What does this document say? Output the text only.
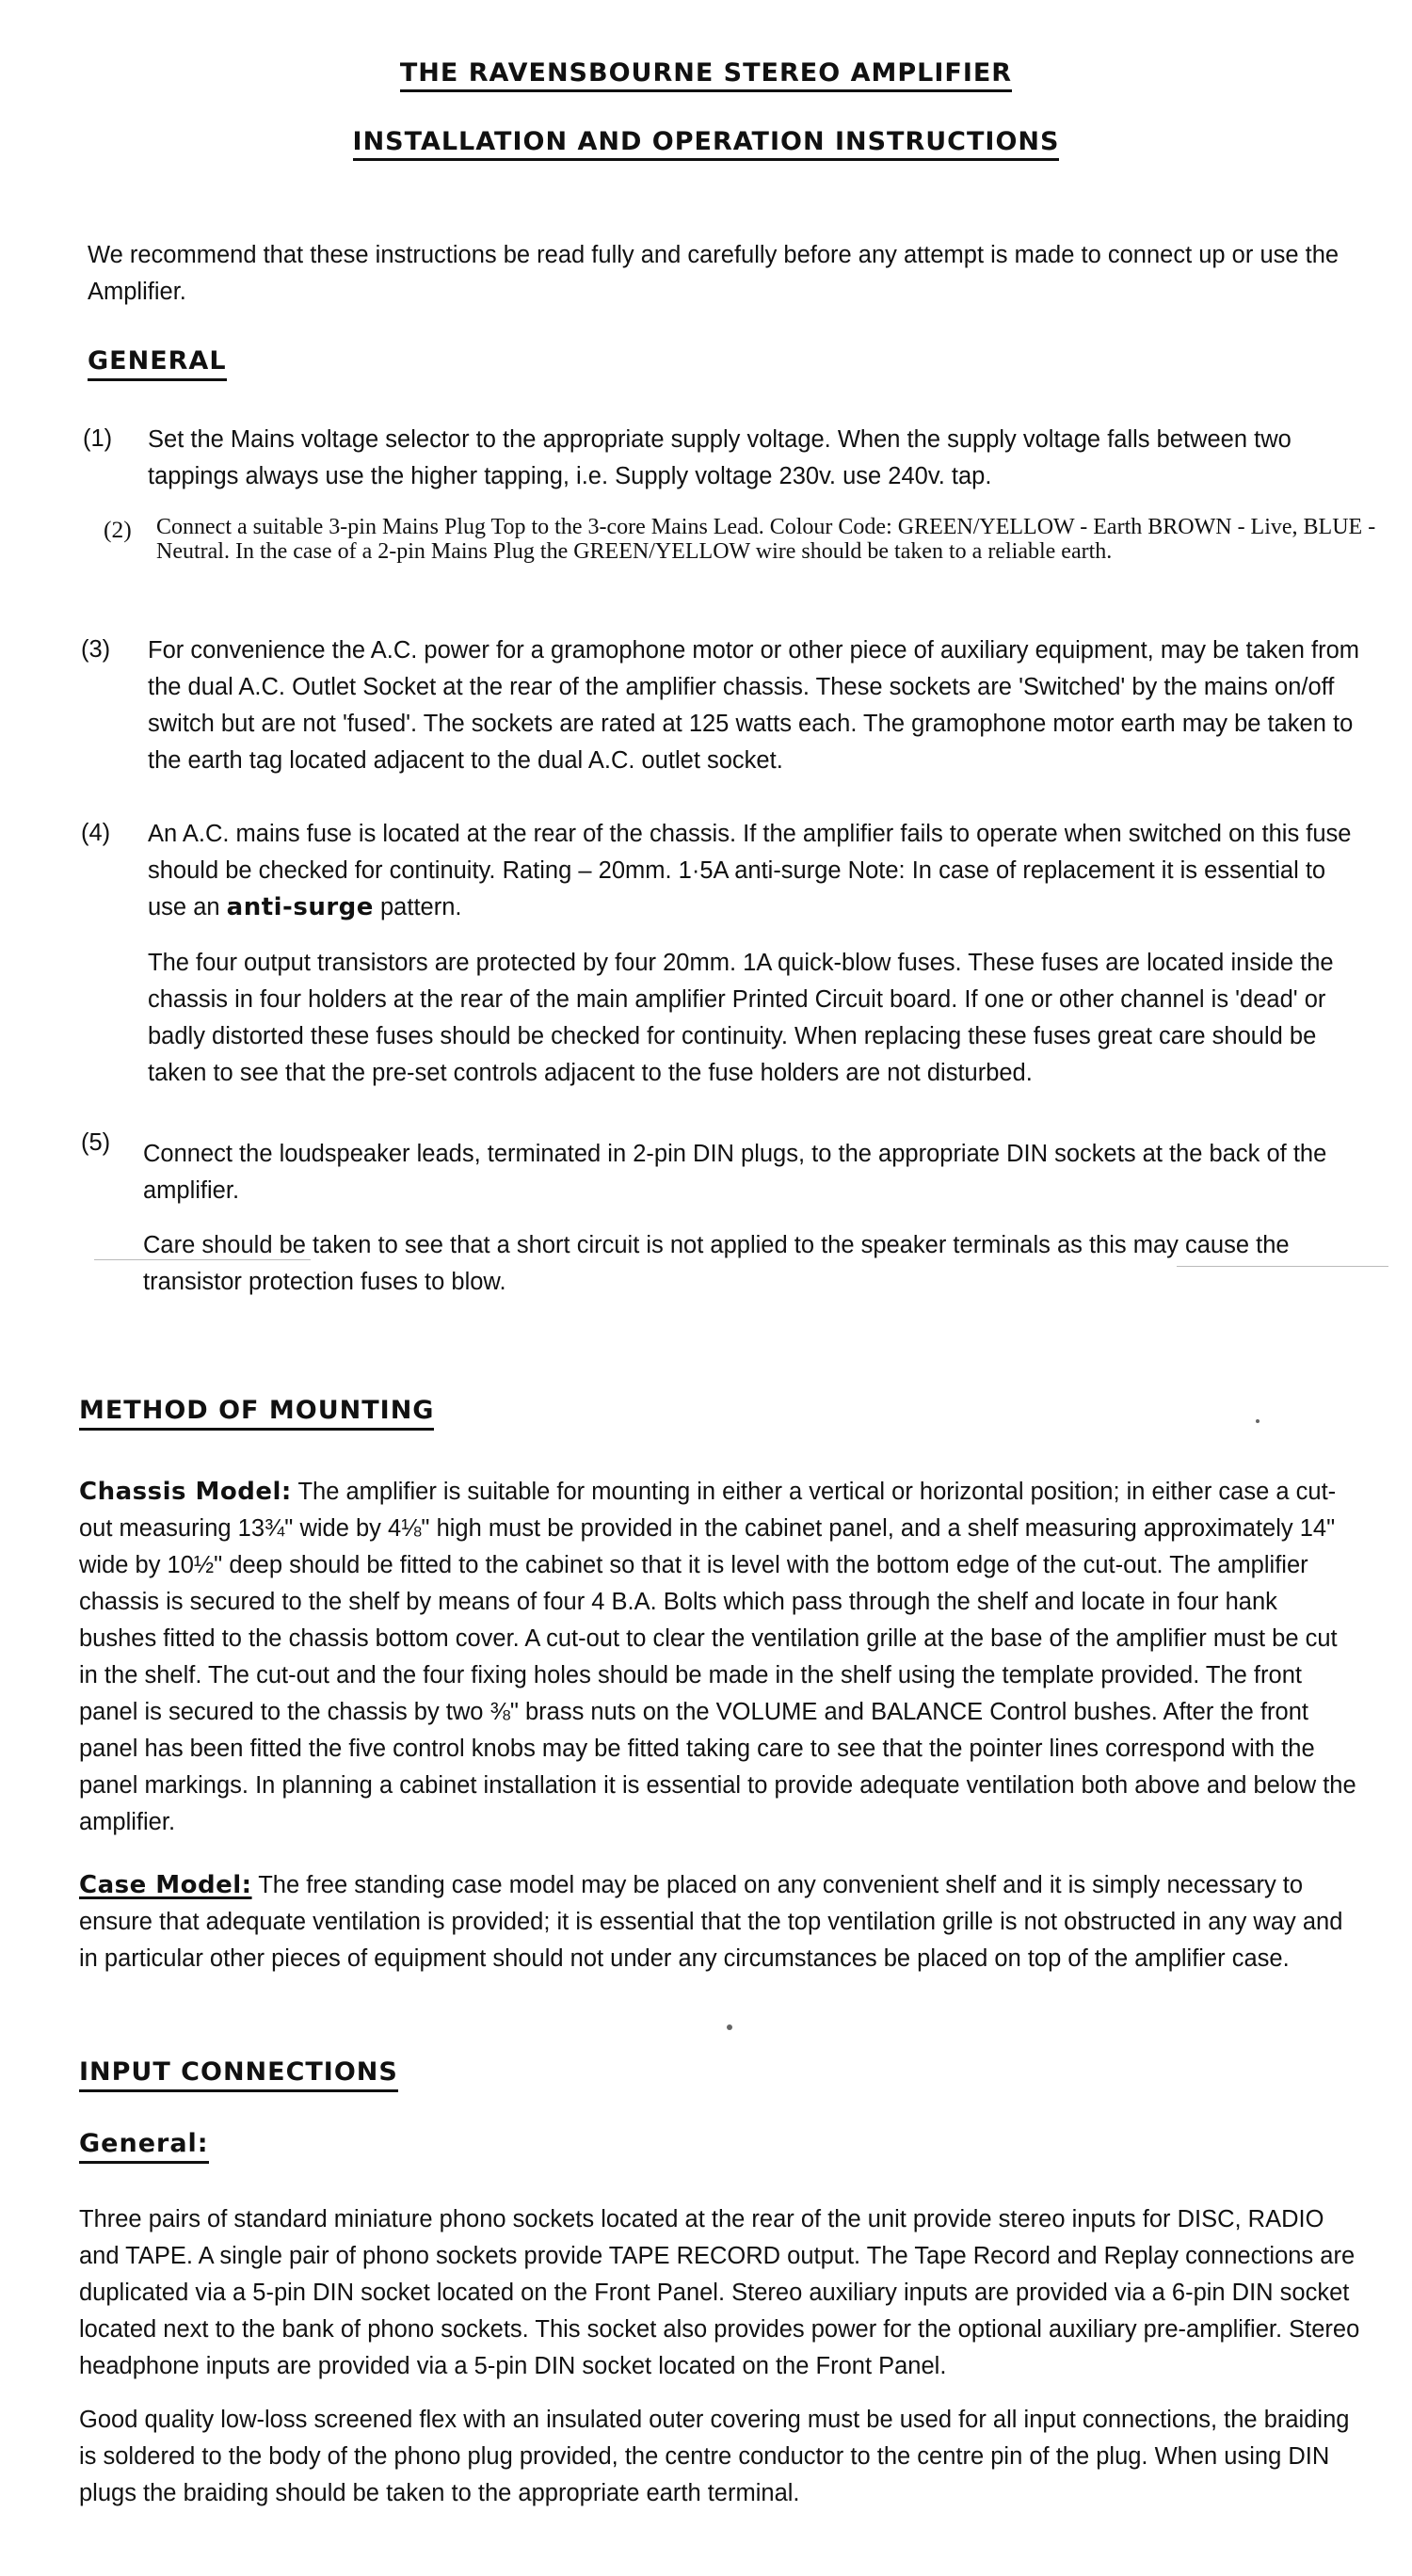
THE RAVENSBOURNE STEREO AMPLIFIER
INSTALLATION AND OPERATION INSTRUCTIONS
We recommend that these instructions be read fully and carefully before any attempt is made to connect up or use the Amplifier.
GENERAL
(1) Set the Mains voltage selector to the appropriate supply voltage. When the supply voltage falls between two tappings always use the higher tapping, i.e. Supply voltage 230v. use 240v. tap.
(2) Connect a suitable 3-pin Mains Plug Top to the 3-core Mains Lead. Colour Code: GREEN/YELLOW - Earth BROWN - Live, BLUE - Neutral. In the case of a 2-pin Mains Plug the GREEN/YELLOW wire should be taken to a reliable earth.
(3) For convenience the A.C. power for a gramophone motor or other piece of auxiliary equipment, may be taken from the dual A.C. Outlet Socket at the rear of the amplifier chassis. These sockets are 'Switched' by the mains on/off switch but are not 'fused'. The sockets are rated at 125 watts each. The gramophone motor earth may be taken to the earth tag located adjacent to the dual A.C. outlet socket.
(4) An A.C. mains fuse is located at the rear of the chassis. If the amplifier fails to operate when switched on this fuse should be checked for continuity. Rating – 20mm. 1·5A anti-surge Note: In case of replacement it is essential to use an anti-surge pattern.
The four output transistors are protected by four 20mm. 1A quick-blow fuses. These fuses are located inside the chassis in four holders at the rear of the main amplifier Printed Circuit board. If one or other channel is 'dead' or badly distorted these fuses should be checked for continuity. When replacing these fuses great care should be taken to see that the pre-set controls adjacent to the fuse holders are not disturbed.
(5) Connect the loudspeaker leads, terminated in 2-pin DIN plugs, to the appropriate DIN sockets at the back of the amplifier.
Care should be taken to see that a short circuit is not applied to the speaker terminals as this may cause the transistor protection fuses to blow.
METHOD OF MOUNTING
Chassis Model: The amplifier is suitable for mounting in either a vertical or horizontal position; in either case a cut-out measuring 13¾" wide by 4⅛" high must be provided in the cabinet panel, and a shelf measuring approximately 14" wide by 10½" deep should be fitted to the cabinet so that it is level with the bottom edge of the cut-out. The amplifier chassis is secured to the shelf by means of four 4 B.A. Bolts which pass through the shelf and locate in four hank bushes fitted to the chassis bottom cover. A cut-out to clear the ventilation grille at the base of the amplifier must be cut in the shelf. The cut-out and the four fixing holes should be made in the shelf using the template provided. The front panel is secured to the chassis by two ⅜" brass nuts on the VOLUME and BALANCE Control bushes. After the front panel has been fitted the five control knobs may be fitted taking care to see that the pointer lines correspond with the panel markings. In planning a cabinet installation it is essential to provide adequate ventilation both above and below the amplifier.
Case Model: The free standing case model may be placed on any convenient shelf and it is simply necessary to ensure that adequate ventilation is provided; it is essential that the top ventilation grille is not obstructed in any way and in particular other pieces of equipment should not under any circumstances be placed on top of the amplifier case.
INPUT CONNECTIONS
General:
Three pairs of standard miniature phono sockets located at the rear of the unit provide stereo inputs for DISC, RADIO and TAPE. A single pair of phono sockets provide TAPE RECORD output. The Tape Record and Replay connections are duplicated via a 5-pin DIN socket located on the Front Panel. Stereo auxiliary inputs are provided via a 6-pin DIN socket located next to the bank of phono sockets. This socket also provides power for the optional auxiliary pre-amplifier. Stereo headphone inputs are provided via a 5-pin DIN socket located on the Front Panel.
Good quality low-loss screened flex with an insulated outer covering must be used for all input connections, the braiding is soldered to the body of the phono plug provided, the centre conductor to the centre pin of the plug. When using DIN plugs the braiding should be taken to the appropriate earth terminal.
